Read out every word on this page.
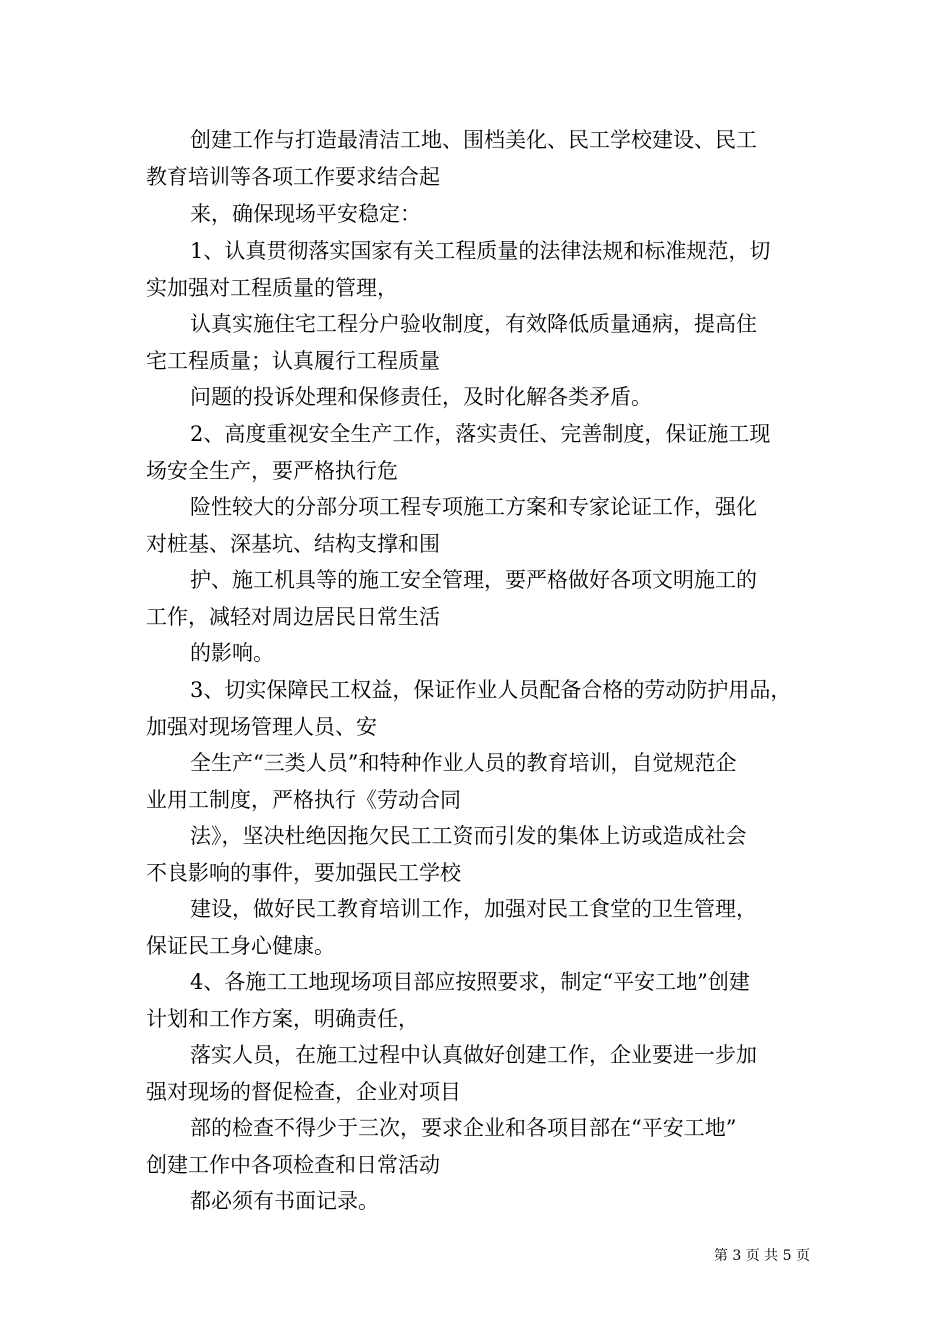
创建工作与打造最清洁工地、围档美化、民工学校建设、民工
教育培训等各项工作要求结合起
来，确保现场平安稳定：
1、认真贯彻落实国家有关工程质量的法律法规和标准规范，切
实加强对工程质量的管理，
认真实施住宅工程分户验收制度，有效降低质量通病，提高住
宅工程质量；认真履行工程质量
问题的投诉处理和保修责任，及时化解各类矛盾。
2、高度重视安全生产工作，落实责任、完善制度，保证施工现
场安全生产，要严格执行危
险性较大的分部分项工程专项施工方案和专家论证工作，强化
对桩基、深基坑、结构支撑和围
护、施工机具等的施工安全管理，要严格做好各项文明施工的
工作，减轻对周边居民日常生活
的影响。
3、切实保障民工权益，保证作业人员配备合格的劳动防护用品，
加强对现场管理人员、安
全生产“三类人员”和特种作业人员的教育培训，自觉规范企
业用工制度，严格执行《劳动合同
法》，坚决杜绝因拖欠民工工资而引发的集体上访或造成社会
不良影响的事件，要加强民工学校
建设，做好民工教育培训工作，加强对民工食堂的卫生管理，
保证民工身心健康。
4、各施工工地现场项目部应按照要求，制定“平安工地”创建
计划和工作方案，明确责任，
落实人员，在施工过程中认真做好创建工作，企业要进一步加
强对现场的督促检查，企业对项目
部的检查不得少于三次，要求企业和各项目部在“平安工地”
创建工作中各项检查和日常活动
都必须有书面记录。
第 3 页 共 5 页
